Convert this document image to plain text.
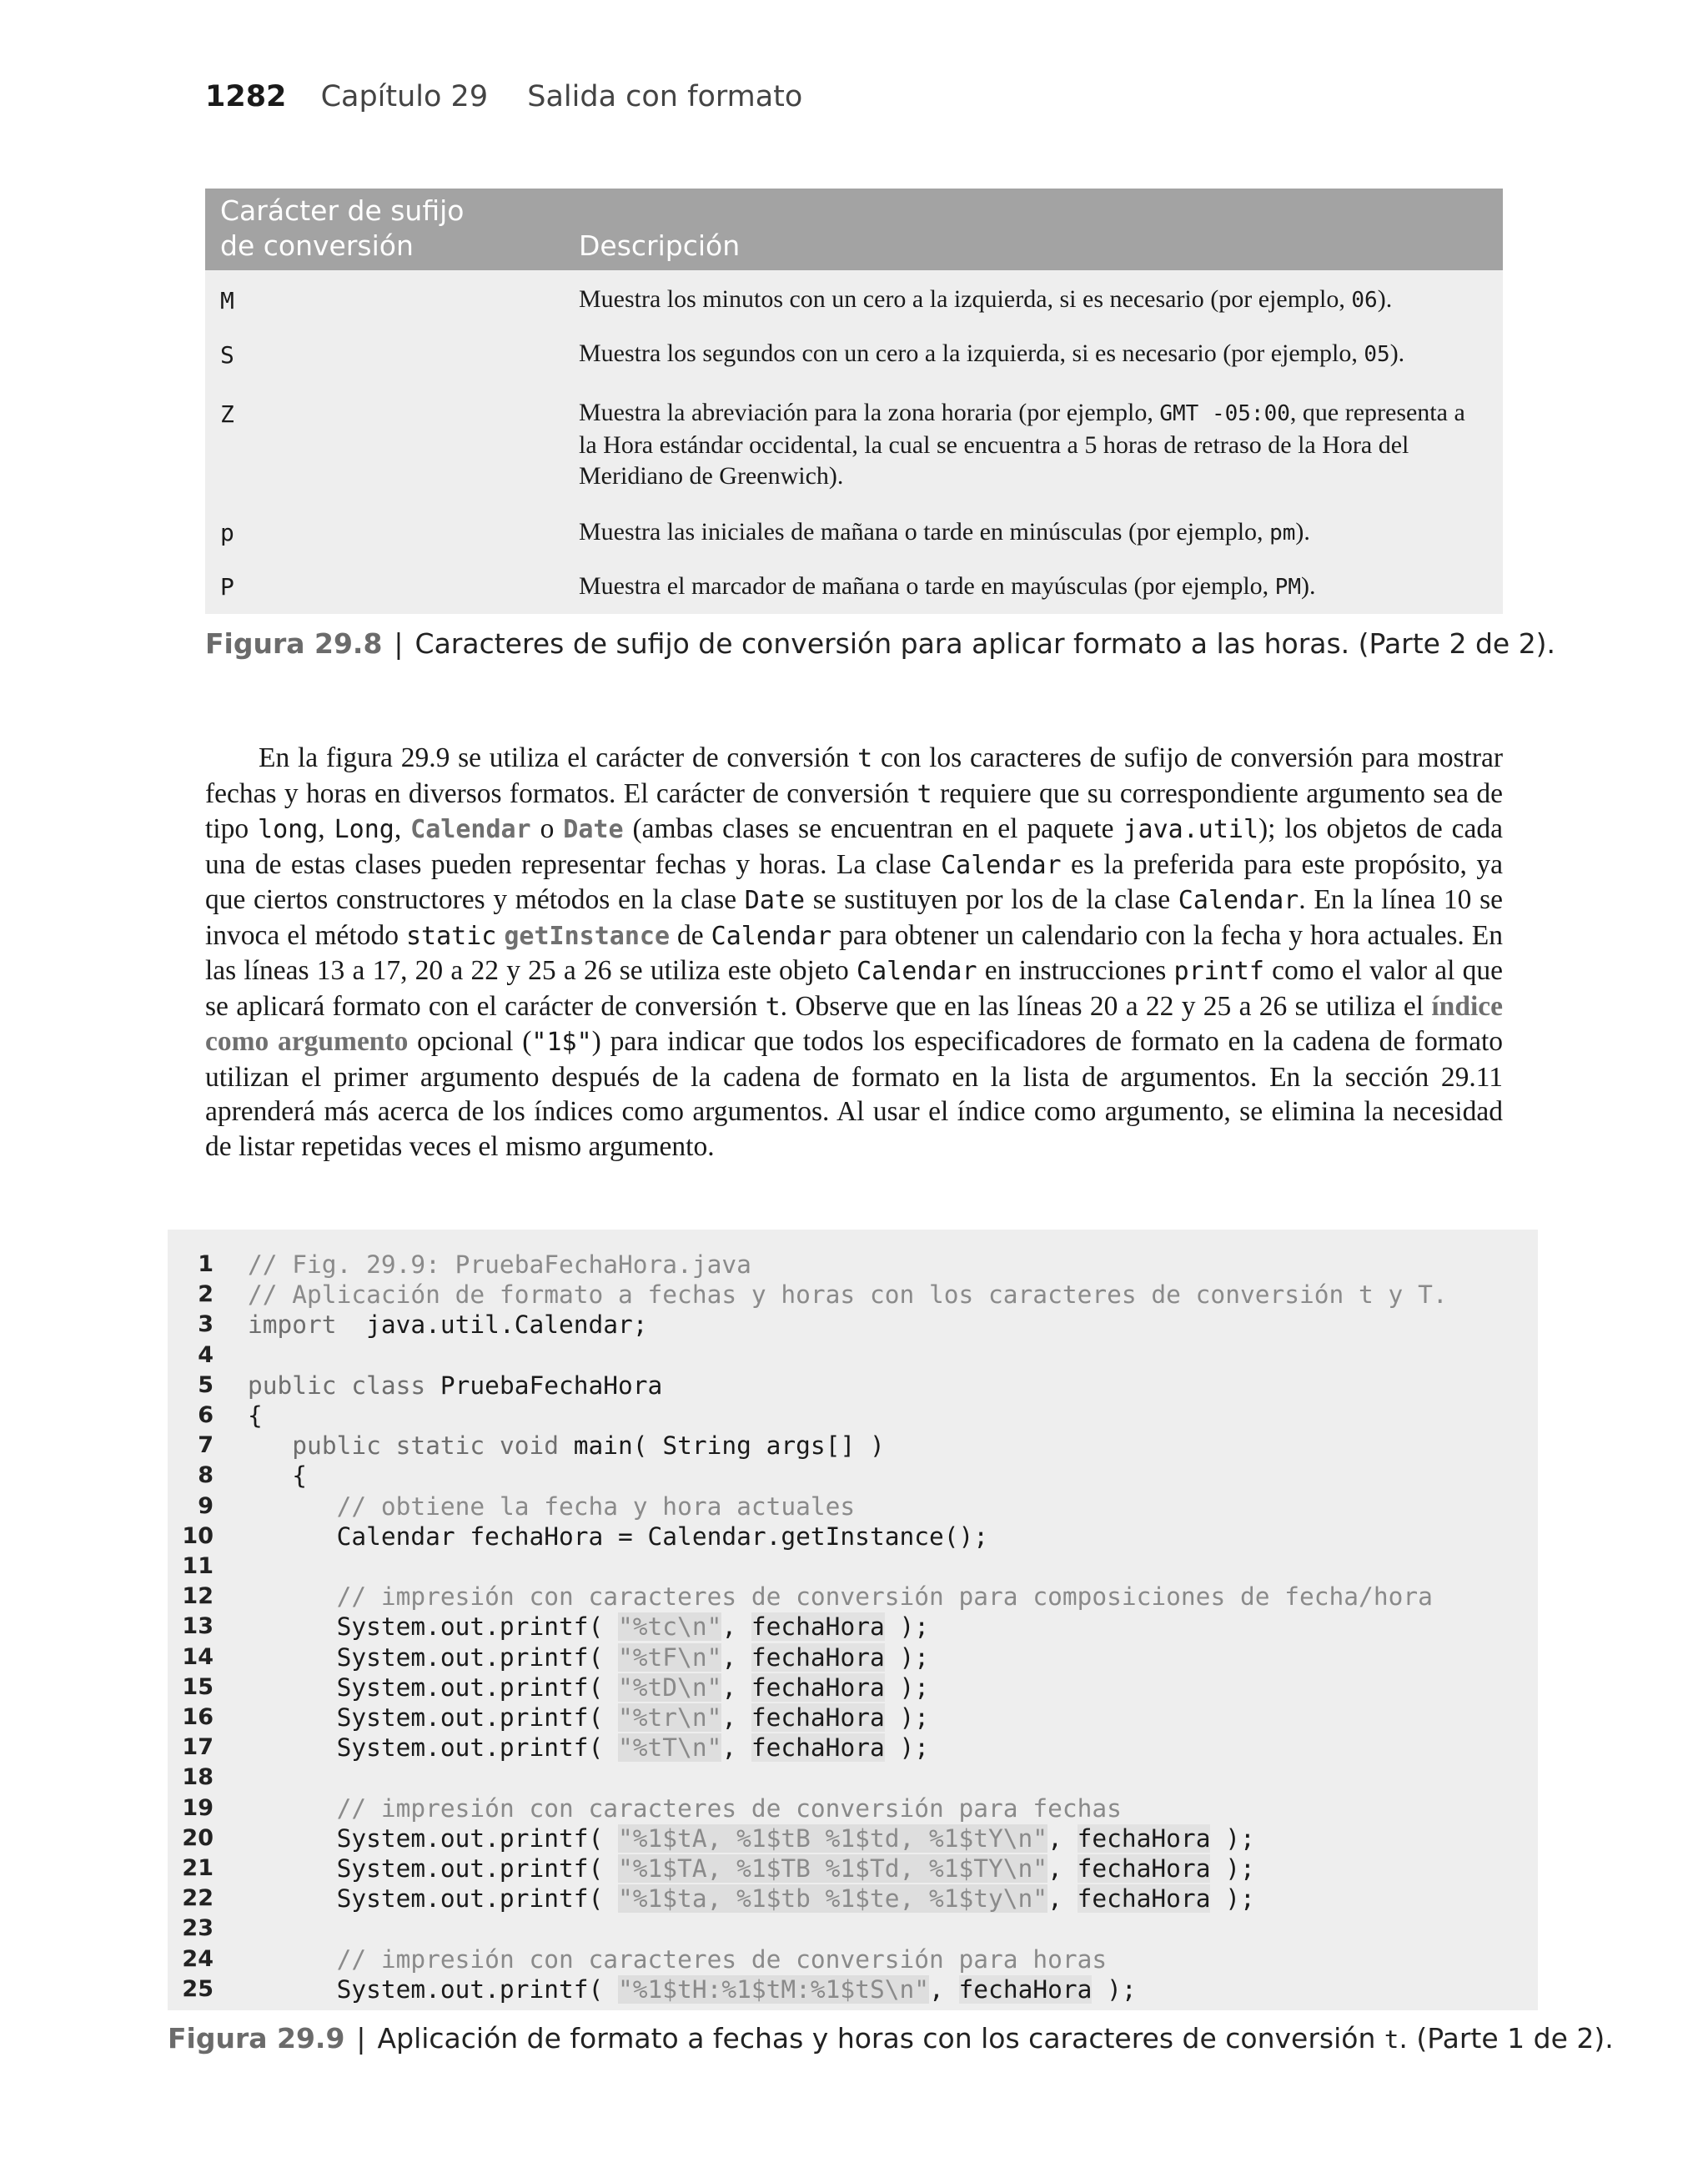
1282 Capítulo 29 Salida con formato
Carácter de sufijo
de conversión	Descripción
M	Muestra los minutos con un cero a la izquierda, si es necesario (por ejemplo, 06).
S	Muestra los segundos con un cero a la izquierda, si es necesario (por ejemplo, 05).
Z	Muestra la abreviación para la zona horaria (por ejemplo, GMT -05:00, que representa a la Hora estándar occidental, la cual se encuentra a 5 horas de retraso de la Hora del Meridiano de Greenwich).
p	Muestra las iniciales de mañana o tarde en minúsculas (por ejemplo, pm).
P	Muestra el marcador de mañana o tarde en mayúsculas (por ejemplo, PM).
Figura 29.8 | Caracteres de sufijo de conversión para aplicar formato a las horas. (Parte 2 de 2).

En la figura 29.9 se utiliza el carácter de conversión t con los caracteres de sufijo de conversión para mostrar fechas y horas en diversos formatos. El carácter de conversión t requiere que su correspondiente argumento sea de tipo long, Long, Calendar o Date (ambas clases se encuentran en el paquete java.util); los objetos de cada una de estas clases pueden representar fechas y horas. La clase Calendar es la preferida para este propósito, ya que ciertos constructores y métodos en la clase Date se sustituyen por los de la clase Calendar. En la línea 10 se invoca el método static getInstance de Calendar para obtener un calendario con la fecha y hora actuales. En las líneas 13 a 17, 20 a 22 y 25 a 26 se utiliza este objeto Calendar en instrucciones printf como el valor al que se aplicará formato con el carácter de conversión t. Observe que en las líneas 20 a 22 y 25 a 26 se utiliza el índice como argumento opcional ("1$") para indicar que todos los especificadores de formato en la cadena de formato utilizan el primer argumento después de la cadena de formato en la lista de argumentos. En la sección 29.11 aprenderá más acerca de los índices como argumentos. Al usar el índice como argumento, se elimina la necesidad de listar repetidas veces el mismo argumento.

1 // Fig. 29.9: PruebaFechaHora.java
2 // Aplicación de formato a fechas y horas con los caracteres de conversión t y T.
3 import  java.util.Calendar;
4
5 public class PruebaFechaHora
6 {
7	public static void main( String args[] )
8 {
9	// obtiene la fecha y hora actuales
10 Calendar fechaHora = Calendar.getInstance();
11
12	// impresión con caracteres de conversión para composiciones de fecha/hora
13 System.out.printf( "%tc\n", fechaHora );
14 System.out.printf( "%tF\n", fechaHora );
15 System.out.printf( "%tD\n", fechaHora );
16 System.out.printf( "%tr\n", fechaHora );
17 System.out.printf( "%tT\n", fechaHora );
18
19	// impresión con caracteres de conversión para fechas
20 System.out.printf( "%1$tA, %1$tB %1$td, %1$tY\n", fechaHora );
21 System.out.printf( "%1$TA, %1$TB %1$Td, %1$TY\n", fechaHora );
22 System.out.printf( "%1$ta, %1$tb %1$te, %1$ty\n", fechaHora );
23
24	// impresión con caracteres de conversión para horas
25 System.out.printf( "%1$tH:%1$tM:%1$tS\n", fechaHora );
Figura 29.9 | Aplicación de formato a fechas y horas con los caracteres de conversión t. (Parte 1 de 2).
